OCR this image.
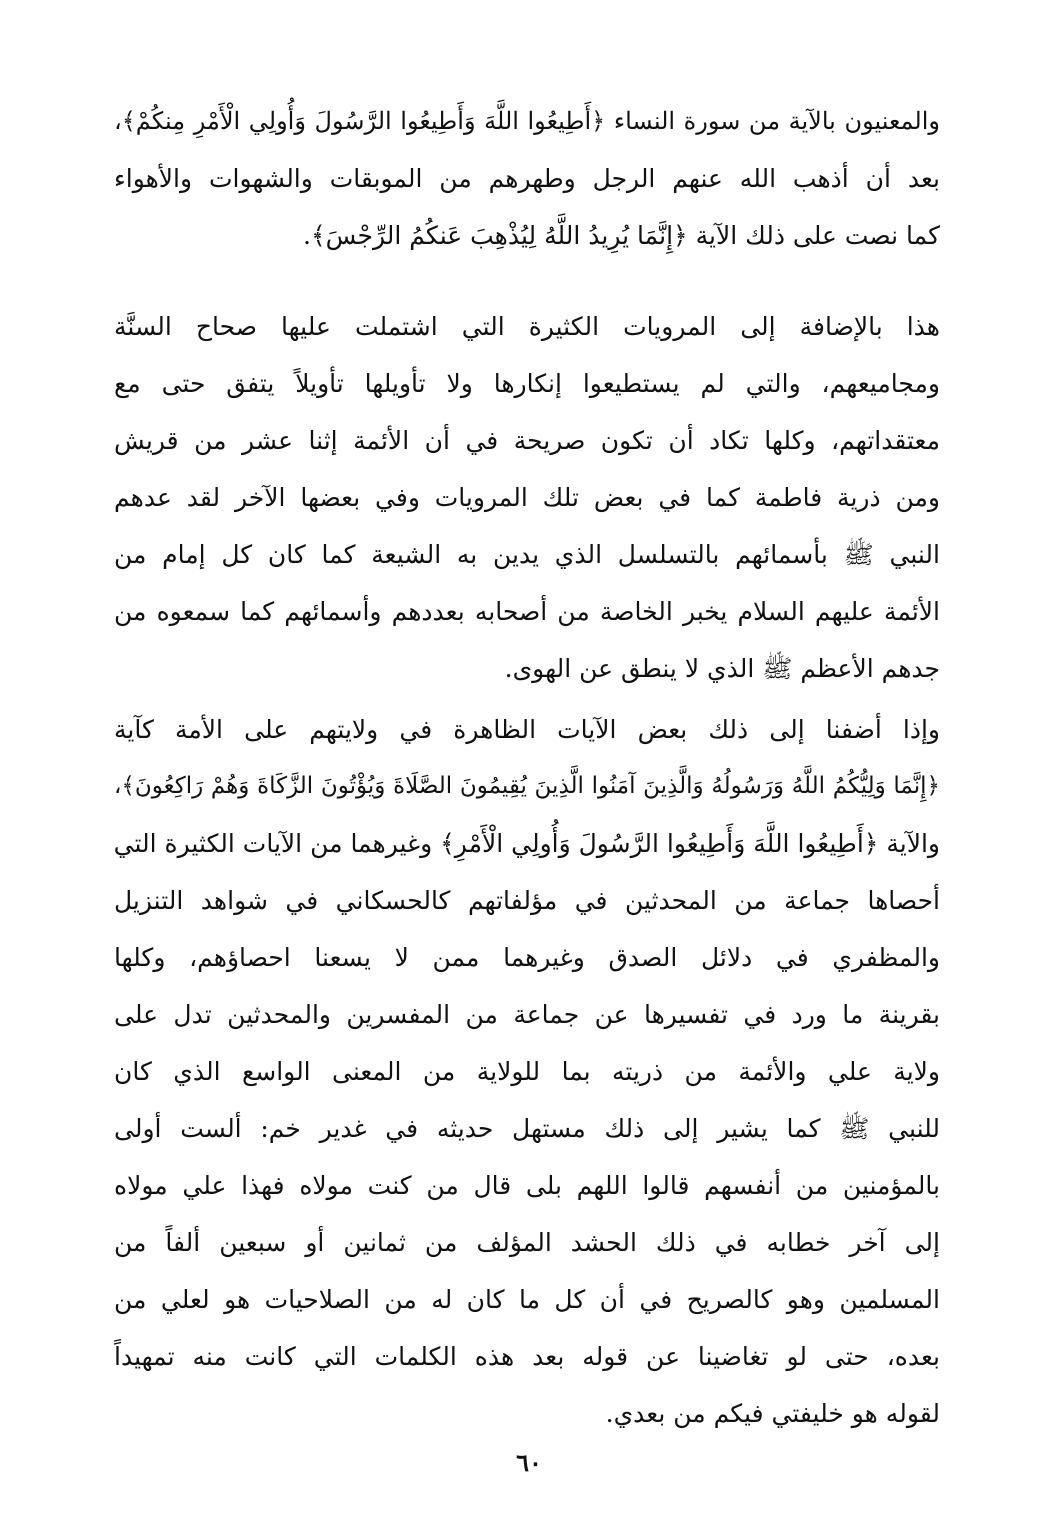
والمعنيون بالآية من سورة النساء ﴿أَطِيعُوا اللَّهَ وَأَطِيعُوا الرَّسُولَ وَأُولِي الْأَمْرِ مِنكُمْ﴾،
بعد أن أذهب الله عنهم الرجل وطهرهم من الموبقات والشهوات والأهواء
كما نصت على ذلك الآية ﴿إِنَّمَا يُرِيدُ اللَّهُ لِيُذْهِبَ عَنكُمُ الرِّجْسَ﴾.
هذا بالإضافة إلى المرويات الكثيرة التي اشتملت عليها صحاح السنَّة
ومجاميعهم، والتي لم يستطيعوا إنكارها ولا تأويلها تأويلاً يتفق حتى مع
معتقداتهم، وكلها تكاد أن تكون صريحة في أن الأئمة إثنا عشر من قريش
ومن ذرية فاطمة كما في بعض تلك المرويات وفي بعضها الآخر لقد عدهم
النبي ﷺ بأسمائهم بالتسلسل الذي يدين به الشيعة كما كان كل إمام من
الأئمة عليهم السلام يخبر الخاصة من أصحابه بعددهم وأسمائهم كما سمعوه من
جدهم الأعظم ﷺ الذي لا ينطق عن الهوى.
وإذا أضفنا إلى ذلك بعض الآيات الظاهرة في ولايتهم على الأمة كآية
﴿إِنَّمَا وَلِيُّكُمُ اللَّهُ وَرَسُولُهُ وَالَّذِينَ آمَنُوا الَّذِينَ يُقِيمُونَ الصَّلَاةَ وَيُؤْتُونَ الزَّكَاةَ وَهُمْ رَاكِعُونَ﴾،
والآية ﴿أَطِيعُوا اللَّهَ وَأَطِيعُوا الرَّسُولَ وَأُولِي الْأَمْرِ﴾ وغيرهما من الآيات الكثيرة التي
أحصاها جماعة من المحدثين في مؤلفاتهم كالحسكاني في شواهد التنزيل
والمظفري في دلائل الصدق وغيرهما ممن لا يسعنا احصاؤهم، وكلها
بقرينة ما ورد في تفسيرها عن جماعة من المفسرين والمحدثين تدل على
ولاية علي والأئمة من ذريته بما للولاية من المعنى الواسع الذي كان
للنبي ﷺ كما يشير إلى ذلك مستهل حديثه في غدير خم: ألست أولى
بالمؤمنين من أنفسهم قالوا اللهم بلى قال من كنت مولاه فهذا علي مولاه
إلى آخر خطابه في ذلك الحشد المؤلف من ثمانين أو سبعين ألفاً من
المسلمين وهو كالصريح في أن كل ما كان له من الصلاحيات هو لعلي من
بعده، حتى لو تغاضينا عن قوله بعد هذه الكلمات التي كانت منه تمهيداً
لقوله هو خليفتي فيكم من بعدي.
٦٠
